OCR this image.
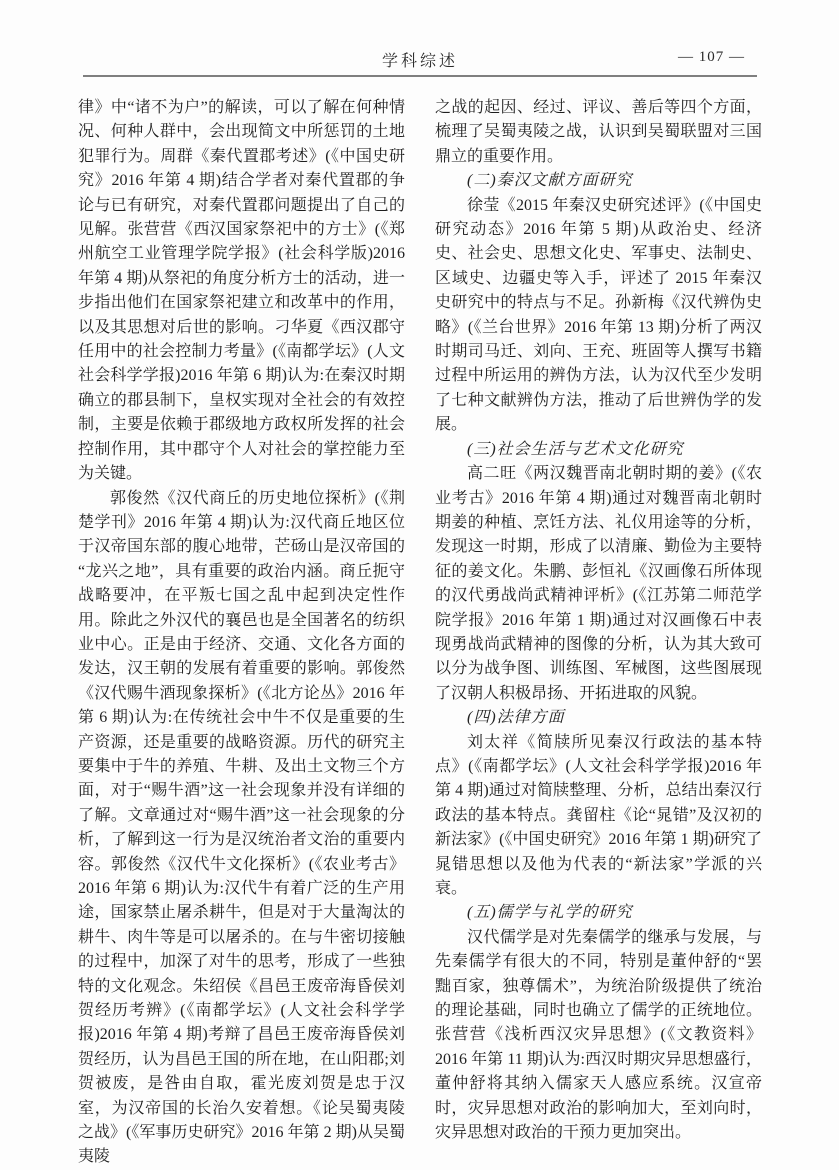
学科综述	— 107 —

律》中“诸不为户”的解读，可以了解在何种情况、何种人群中，会出现简文中所惩罚的土地犯罪行为。周群《秦代置郡考述》(《中国史研究》2016 年第 4 期)结合学者对秦代置郡的争论与已有研究，对秦代置郡问题提出了自己的见解。张营营《西汉国家祭祀中的方士》(《郑州航空工业管理学院学报》(社会科学版)2016 年第 4 期)从祭祀的角度分析方士的活动，进一步指出他们在国家祭祀建立和改革中的作用，以及其思想对后世的影响。刁华夏《西汉郡守任用中的社会控制力考量》(《南都学坛》(人文社会科学学报)2016 年第 6 期)认为:在秦汉时期确立的郡县制下，皇权实现对全社会的有效控制，主要是依赖于郡级地方政权所发挥的社会控制作用，其中郡守个人对社会的掌控能力至为关键。

郭俊然《汉代商丘的历史地位探析》(《荆楚学刊》2016 年第 4 期)认为:汉代商丘地区位于汉帝国东部的腹心地带，芒砀山是汉帝国的“龙兴之地”，具有重要的政治内涵。商丘扼守战略要冲，在平叛七国之乱中起到决定性作用。除此之外汉代的襄邑也是全国著名的纺织业中心。正是由于经济、交通、文化各方面的发达，汉王朝的发展有着重要的影响。郭俊然《汉代赐牛酒现象探析》(《北方论丛》2016 年第 6 期)认为:在传统社会中牛不仅是重要的生产资源，还是重要的战略资源。历代的研究主要集中于牛的养殖、牛耕、及出土文物三个方面，对于“赐牛酒”这一社会现象并没有详细的了解。文章通过对“赐牛酒”这一社会现象的分析，了解到这一行为是汉统治者文治的重要内容。郭俊然《汉代牛文化探析》(《农业考古》2016 年第 6 期)认为:汉代牛有着广泛的生产用途，国家禁止屠杀耕牛，但是对于大量淘汰的耕牛、肉牛等是可以屠杀的。在与牛密切接触的过程中，加深了对牛的思考，形成了一些独特的文化观念。朱绍侯《昌邑王废帝海昏侯刘贺经历考辨》(《南都学坛》(人文社会科学学报)2016 年第 4 期)考辩了昌邑王废帝海昏侯刘贺经历，认为昌邑王国的所在地，在山阳郡;刘贺被废，是咎由自取，霍光废刘贺是忠于汉室，为汉帝国的长治久安着想。《论吴蜀夷陵之战》(《军事历史研究》2016 年第 2 期)从吴蜀夷陵

之战的起因、经过、评议、善后等四个方面，梳理了吴蜀夷陵之战，认识到吴蜀联盟对三国鼎立的重要作用。

(二)秦汉文献方面研究

徐莹《2015 年秦汉史研究述评》(《中国史研究动态》2016 年第 5 期)从政治史、经济史、社会史、思想文化史、军事史、法制史、区域史、边疆史等入手，评述了 2015 年秦汉史研究中的特点与不足。孙新梅《汉代辨伪史略》(《兰台世界》2016 年第 13 期)分析了两汉时期司马迁、刘向、王充、班固等人撰写书籍过程中所运用的辨伪方法，认为汉代至少发明了七种文献辨伪方法，推动了后世辨伪学的发展。

(三)社会生活与艺术文化研究

高二旺《两汉魏晋南北朝时期的姜》(《农业考古》2016 年第 4 期)通过对魏晋南北朝时期姜的种植、烹饪方法、礼仪用途等的分析，发现这一时期，形成了以清廉、勤俭为主要特征的姜文化。朱鹏、彭恒礼《汉画像石所体现的汉代勇战尚武精神评析》(《江苏第二师范学院学报》2016 年第 1 期)通过对汉画像石中表现勇战尚武精神的图像的分析，认为其大致可以分为战争图、训练图、军械图，这些图展现了汉朝人积极昂扬、开拓进取的风貌。

(四)法律方面

刘太祥《简牍所见秦汉行政法的基本特点》(《南都学坛》(人文社会科学学报)2016 年第 4 期)通过对简牍整理、分析，总结出秦汉行政法的基本特点。龚留柱《论“晁错”及汉初的新法家》(《中国史研究》2016 年第 1 期)研究了晁错思想以及他为代表的“新法家”学派的兴衰。

(五)儒学与礼学的研究

汉代儒学是对先秦儒学的继承与发展，与先秦儒学有很大的不同，特别是董仲舒的“罢黜百家，独尊儒术”，为统治阶级提供了统治的理论基础，同时也确立了儒学的正统地位。张营营《浅析西汉灾异思想》(《文教资料》2016 年第 11 期)认为:西汉时期灾异思想盛行，董仲舒将其纳入儒家天人感应系统。汉宣帝时，灾异思想对政治的影响加大，至刘向时，灾异思想对政治的干预力更加突出。
